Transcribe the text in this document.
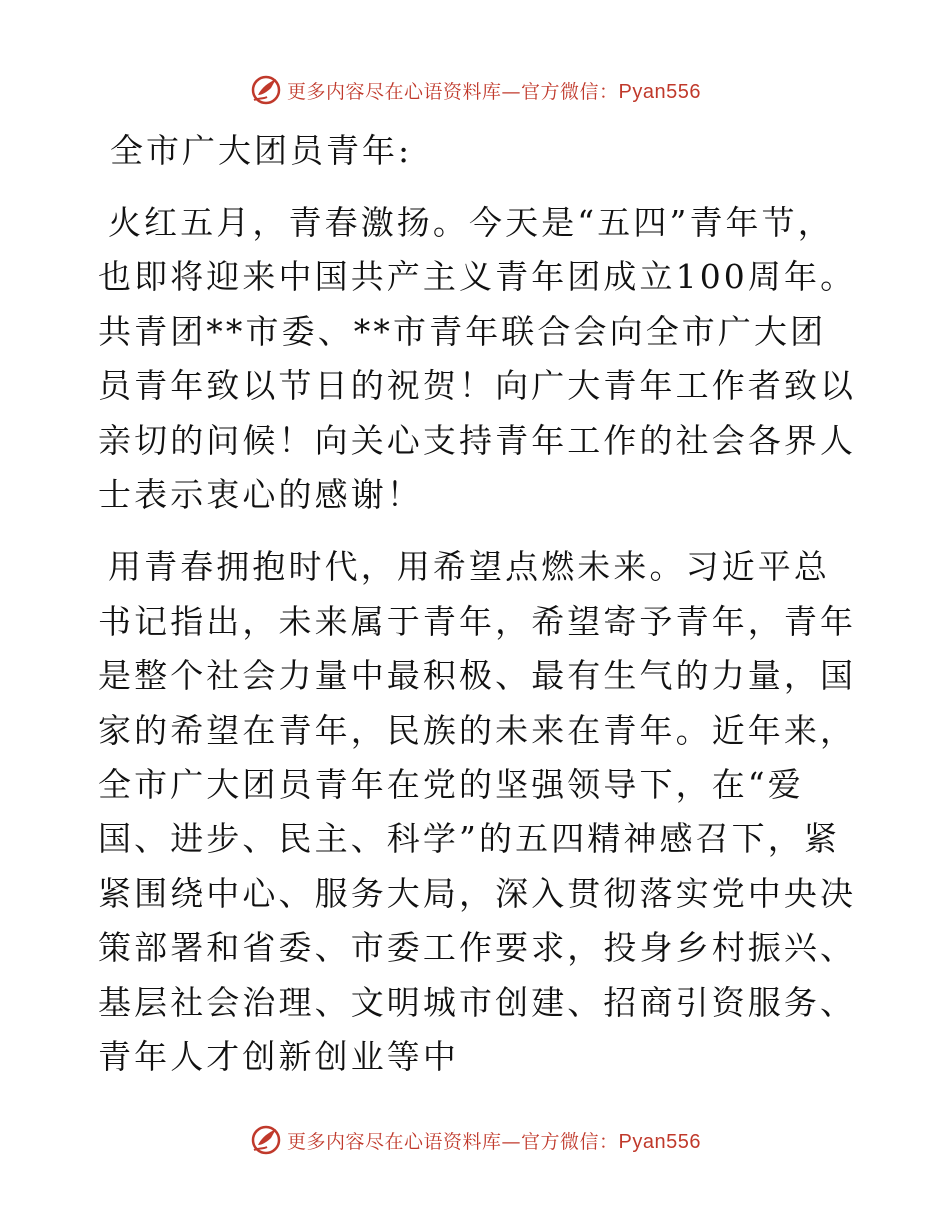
更多内容尽在心语资料库—官方微信：Pyan556

全市广大团员青年:

火红五月，青春激扬。今天是“五四”青年节，也即将迎来中国共产主义青年团成立100周年。共青团**市委、**市青年联合会向全市广大团员青年致以节日的祝贺！向广大青年工作者致以亲切的问候！向关心支持青年工作的社会各界人士表示衷心的感谢！

用青春拥抱时代，用希望点燃未来。习近平总书记指出，未来属于青年，希望寄予青年，青年是整个社会力量中最积极、最有生气的力量，国家的希望在青年，民族的未来在青年。近年来，全市广大团员青年在党的坚强领导下，在“爱国、进步、民主、科学”的五四精神感召下，紧紧围绕中心、服务大局，深入贯彻落实党中央决策部署和省委、市委工作要求，投身乡村振兴、基层社会治理、文明城市创建、招商引资服务、青年人才创新创业等中

更多内容尽在心语资料库—官方微信：Pyan556
